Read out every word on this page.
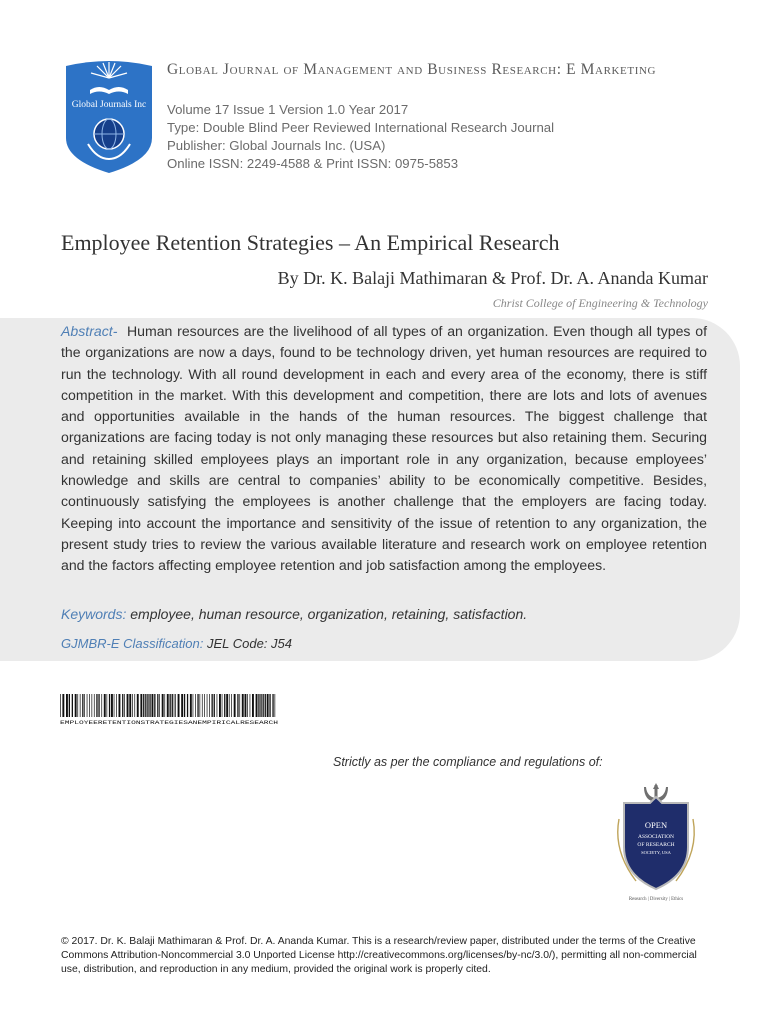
Global Journals Inc
Global Journal of Management and Business Research: E Marketing
Volume 17 Issue 1 Version 1.0 Year 2017
Type: Double Blind Peer Reviewed International Research Journal
Publisher: Global Journals Inc. (USA)
Online ISSN: 2249-4588 & Print ISSN: 0975-5853
Employee Retention Strategies – An Empirical Research

By Dr. K. Balaji Mathimaran & Prof. Dr. A. Ananda Kumar

Christ College of Engineering & Technology

Abstract- Human resources are the livelihood of all types of an organization. Even though all types of the organizations are now a days, found to be technology driven, yet human resources are required to run the technology. With all round development in each and every area of the economy, there is stiff competition in the market. With this development and competition, there are lots and lots of avenues and opportunities available in the hands of the human resources. The biggest challenge that organizations are facing today is not only managing these resources but also retaining them. Securing and retaining skilled employees plays an important role in any organization, because employees’ knowledge and skills are central to companies’ ability to be economically competitive. Besides, continuously satisfying the employees is another challenge that the employers are facing today. Keeping into account the importance and sensitivity of the issue of retention to any organization, the present study tries to review the various available literature and research work on employee retention and the factors affecting employee retention and job satisfaction among the employees.

Keywords: employee, human resource, organization, retaining, satisfaction.

GJMBR-E Classification: JEL Code: J54

EMPLOYEERETENTIONSTRATEGIESANEMPIRICALRESEARCH

Strictly as per the compliance and regulations of:

OPEN
ASSOCIATION
OF RESEARCH
SOCIETY, USA
Research | Diversity | Ethics

© 2017. Dr. K. Balaji Mathimaran & Prof. Dr. A. Ananda Kumar. This is a research/review paper, distributed under the terms of the Creative Commons Attribution-Noncommercial 3.0 Unported License http://creativecommons.org/licenses/by-nc/3.0/), permitting all non-commercial use, distribution, and reproduction in any medium, provided the original work is properly cited.
